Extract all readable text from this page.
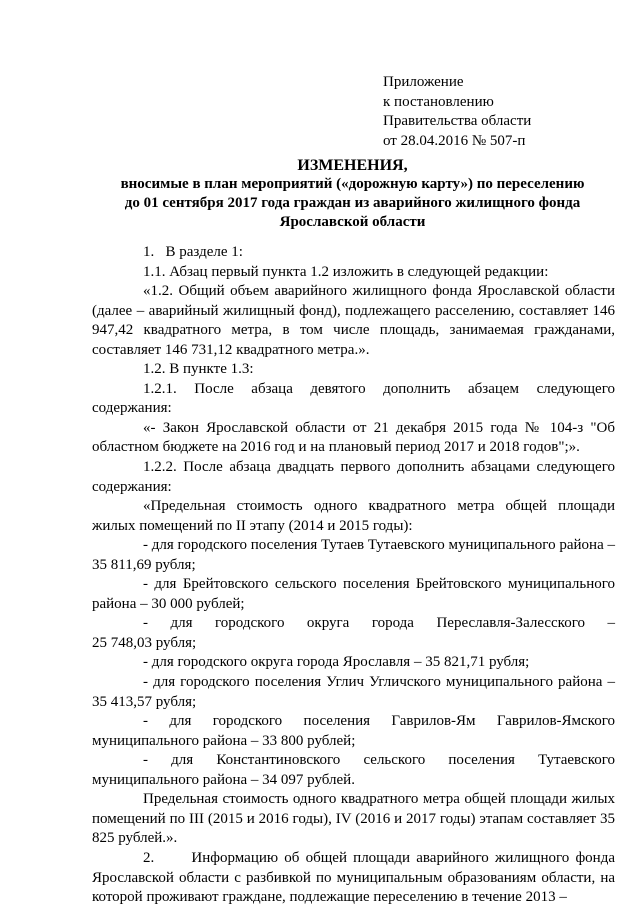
Приложение
к постановлению
Правительства области
от 28.04.2016 № 507-п
ИЗМЕНЕНИЯ,
вносимые в план мероприятий («дорожную карту») по переселению
до 01 сентября 2017 года граждан из аварийного жилищного фонда
Ярославской области

1.   В разделе 1:

1.1. Абзац первый пункта 1.2 изложить в следующей редакции:

«1.2. Общий объем аварийного жилищного фонда Ярославской области (далее – аварийный жилищный фонд), подлежащего расселению, составляет 146 947,42 квадратного метра, в том числе площадь, занимаемая гражданами, составляет 146 731,12 квадратного метра.».

1.2. В пункте 1.3:

1.2.1. После абзаца девятого дополнить абзацем следующего содержания:

«- Закон Ярославской области от 21 декабря 2015 года № 104-з "Об областном бюджете на 2016 год и на плановый период 2017 и 2018 годов";».

1.2.2. После абзаца двадцать первого дополнить абзацами следующего содержания:

«Предельная стоимость одного квадратного метра общей площади жилых помещений по II этапу (2014 и 2015 годы):

- для городского поселения Тутаев Тутаевского муниципального района – 35 811,69 рубля;

- для Брейтовского сельского поселения Брейтовского муниципального района – 30 000 рублей;

- для городского округа города Переславля-Залесского –

25 748,03 рубля;

- для городского округа города Ярославля – 35 821,71 рубля;

- для городского поселения Углич Угличского муниципального района – 35 413,57 рубля;

- для городского поселения Гаврилов-Ям Гаврилов-Ямского муниципального района – 33 800 рублей;

- для Константиновского сельского поселения Тутаевского муниципального района – 34 097 рублей.

Предельная стоимость одного квадратного метра общей площади жилых помещений по III (2015 и 2016 годы), IV (2016 и 2017 годы) этапам составляет 35 825 рублей.».

2.      Информацию об общей площади аварийного жилищного фонда Ярославской области с разбивкой по муниципальным образованиям области, на которой проживают граждане, подлежащие переселению в течение 2013 –
